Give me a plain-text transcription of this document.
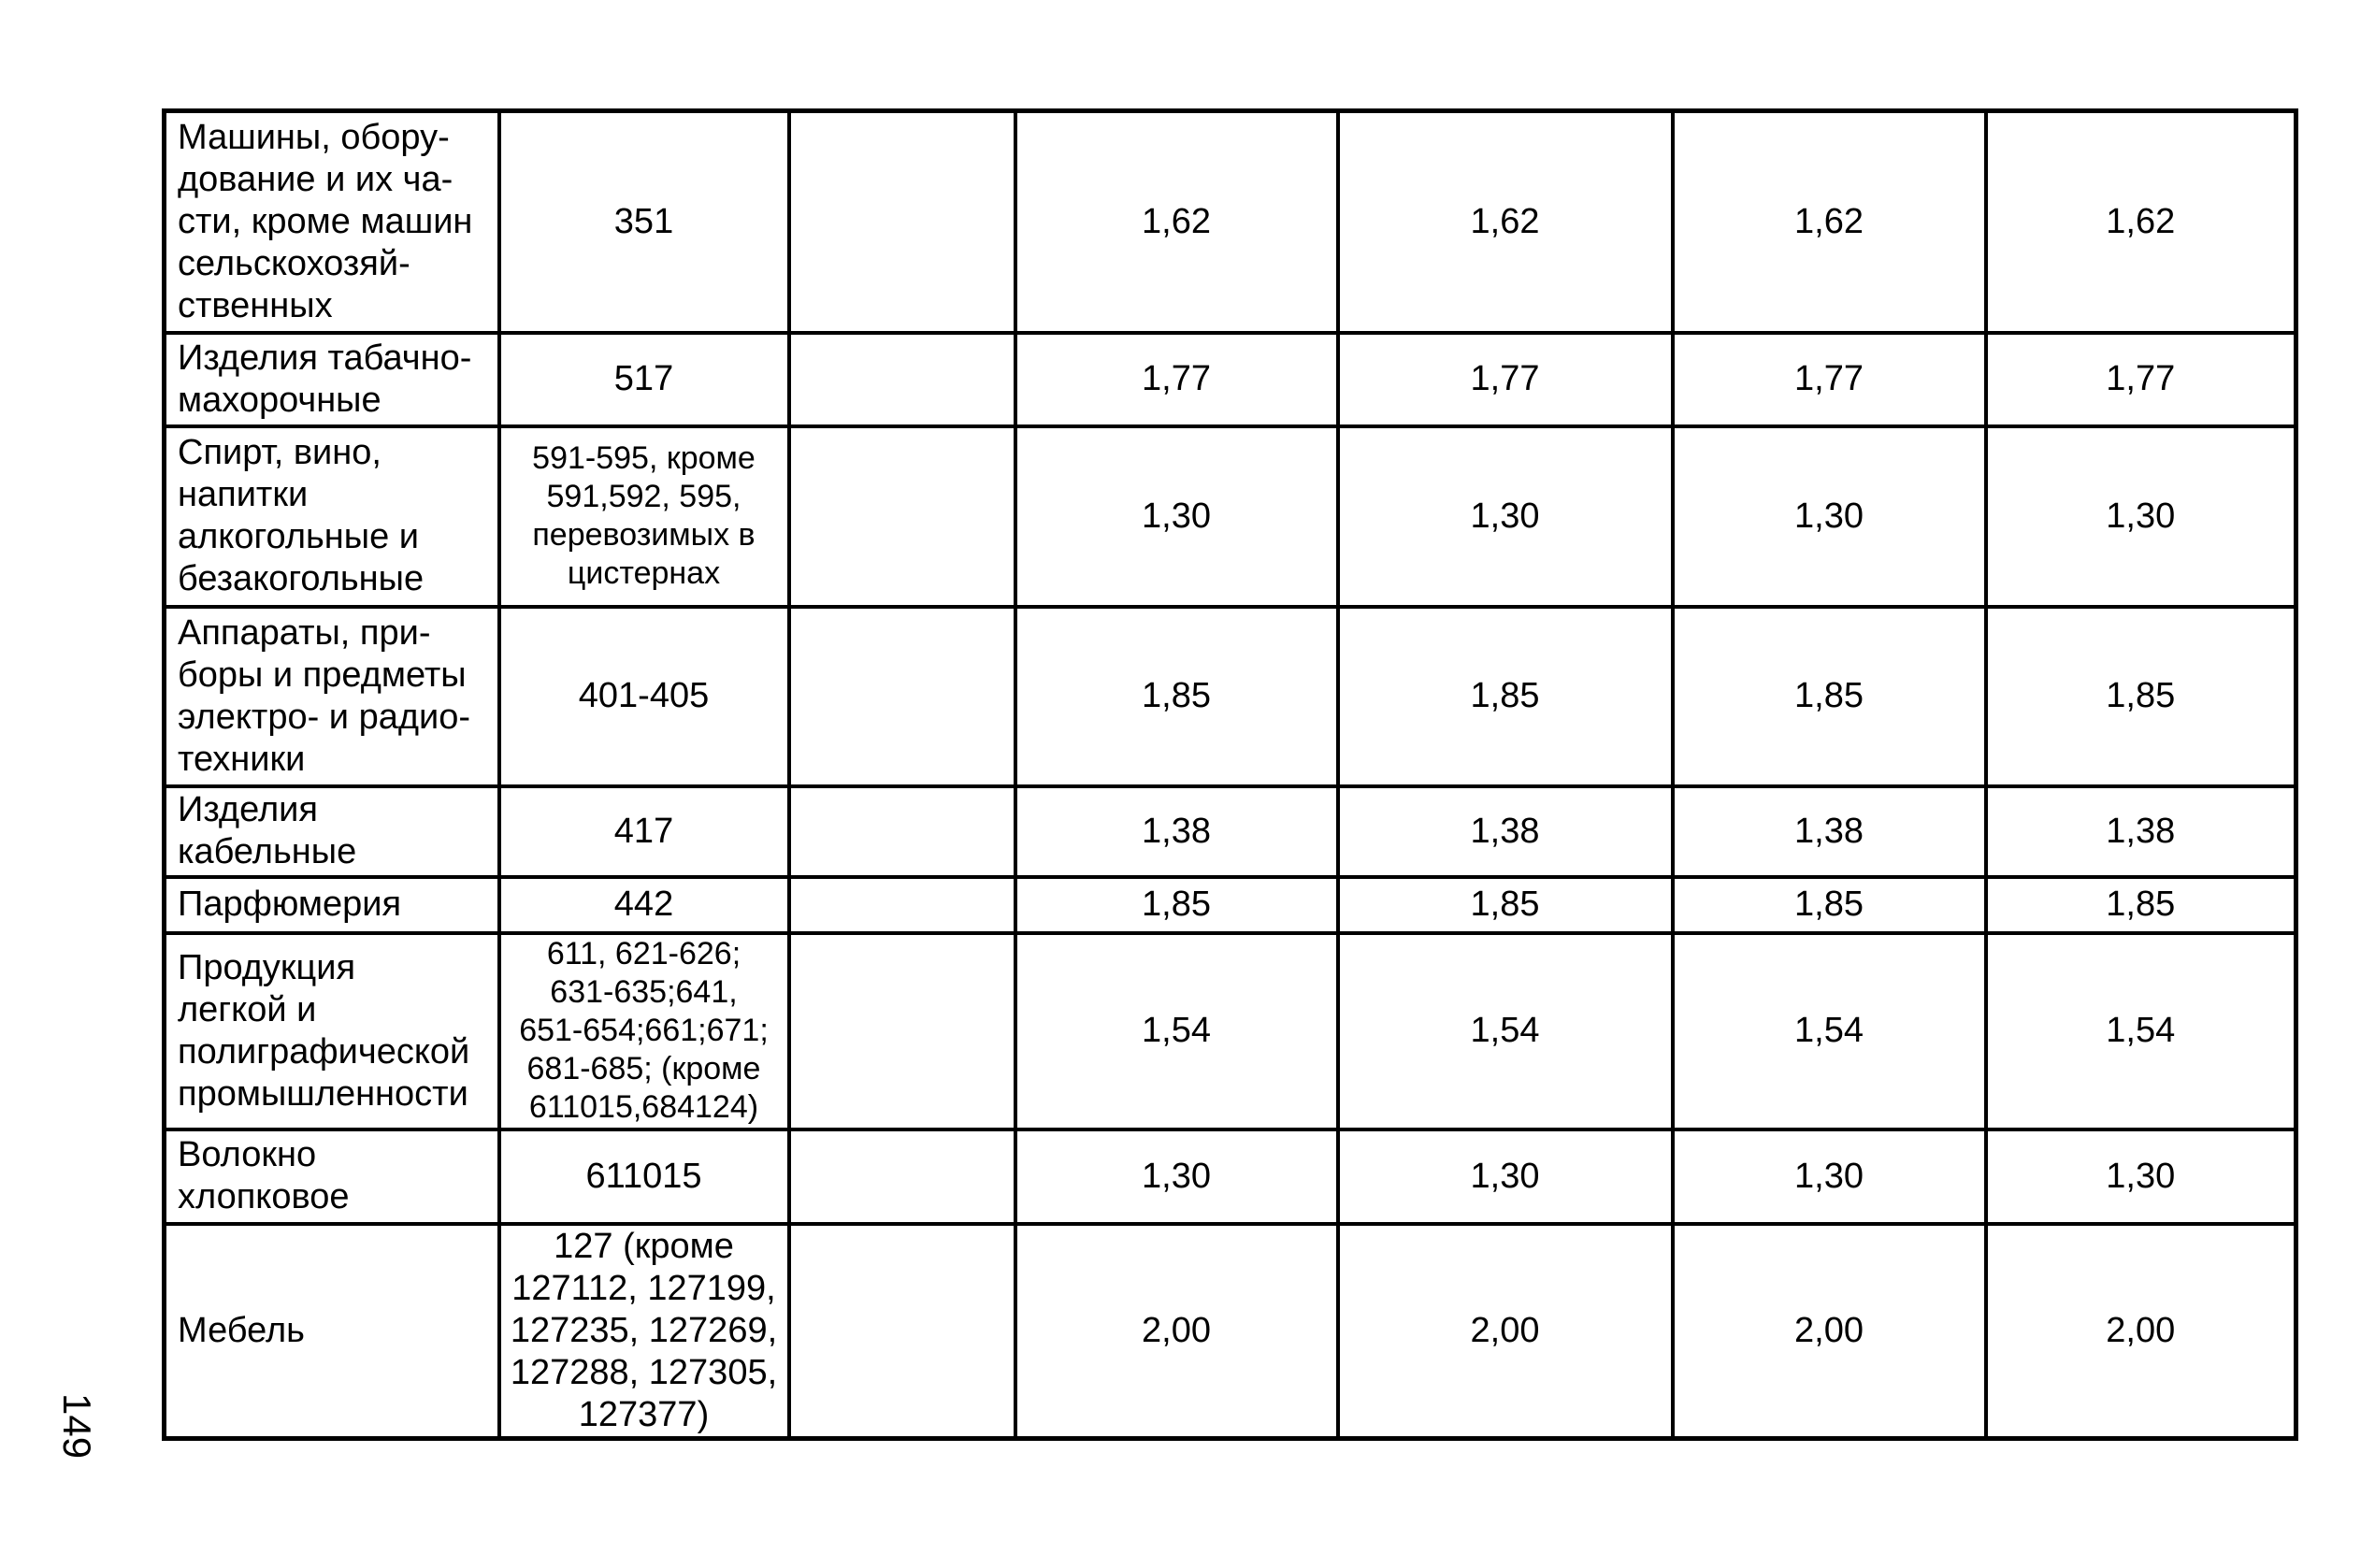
Машины, обору-
дование и их ча-
сти, кроме машин
сельскохозяй-
ственных	351		1,62	1,62	1,62	1,62
Изделия табачно-
махорочные	517		1,77	1,77	1,77	1,77
Спирт, вино,
напитки
алкогольные и
безакогольные	591-595, кроме
591,592, 595,
перевозимых в
цистернах		1,30	1,30	1,30	1,30
Аппараты, при-
боры и предметы
электро- и радио-
техники	401-405		1,85	1,85	1,85	1,85
Изделия
кабельные	417		1,38	1,38	1,38	1,38
Парфюмерия	442		1,85	1,85	1,85	1,85
Продукция
легкой и
полиграфической
промышленности	611, 621-626;
631-635;641,
651-654;661;671;
681-685; (кроме
611015,684124)		1,54	1,54	1,54	1,54
Волокно
хлопковое	611015		1,30	1,30	1,30	1,30
Мебель	127 (кроме
127112, 127199,
127235, 127269,
127288, 127305,
127377)		2,00	2,00	2,00	2,00
149
